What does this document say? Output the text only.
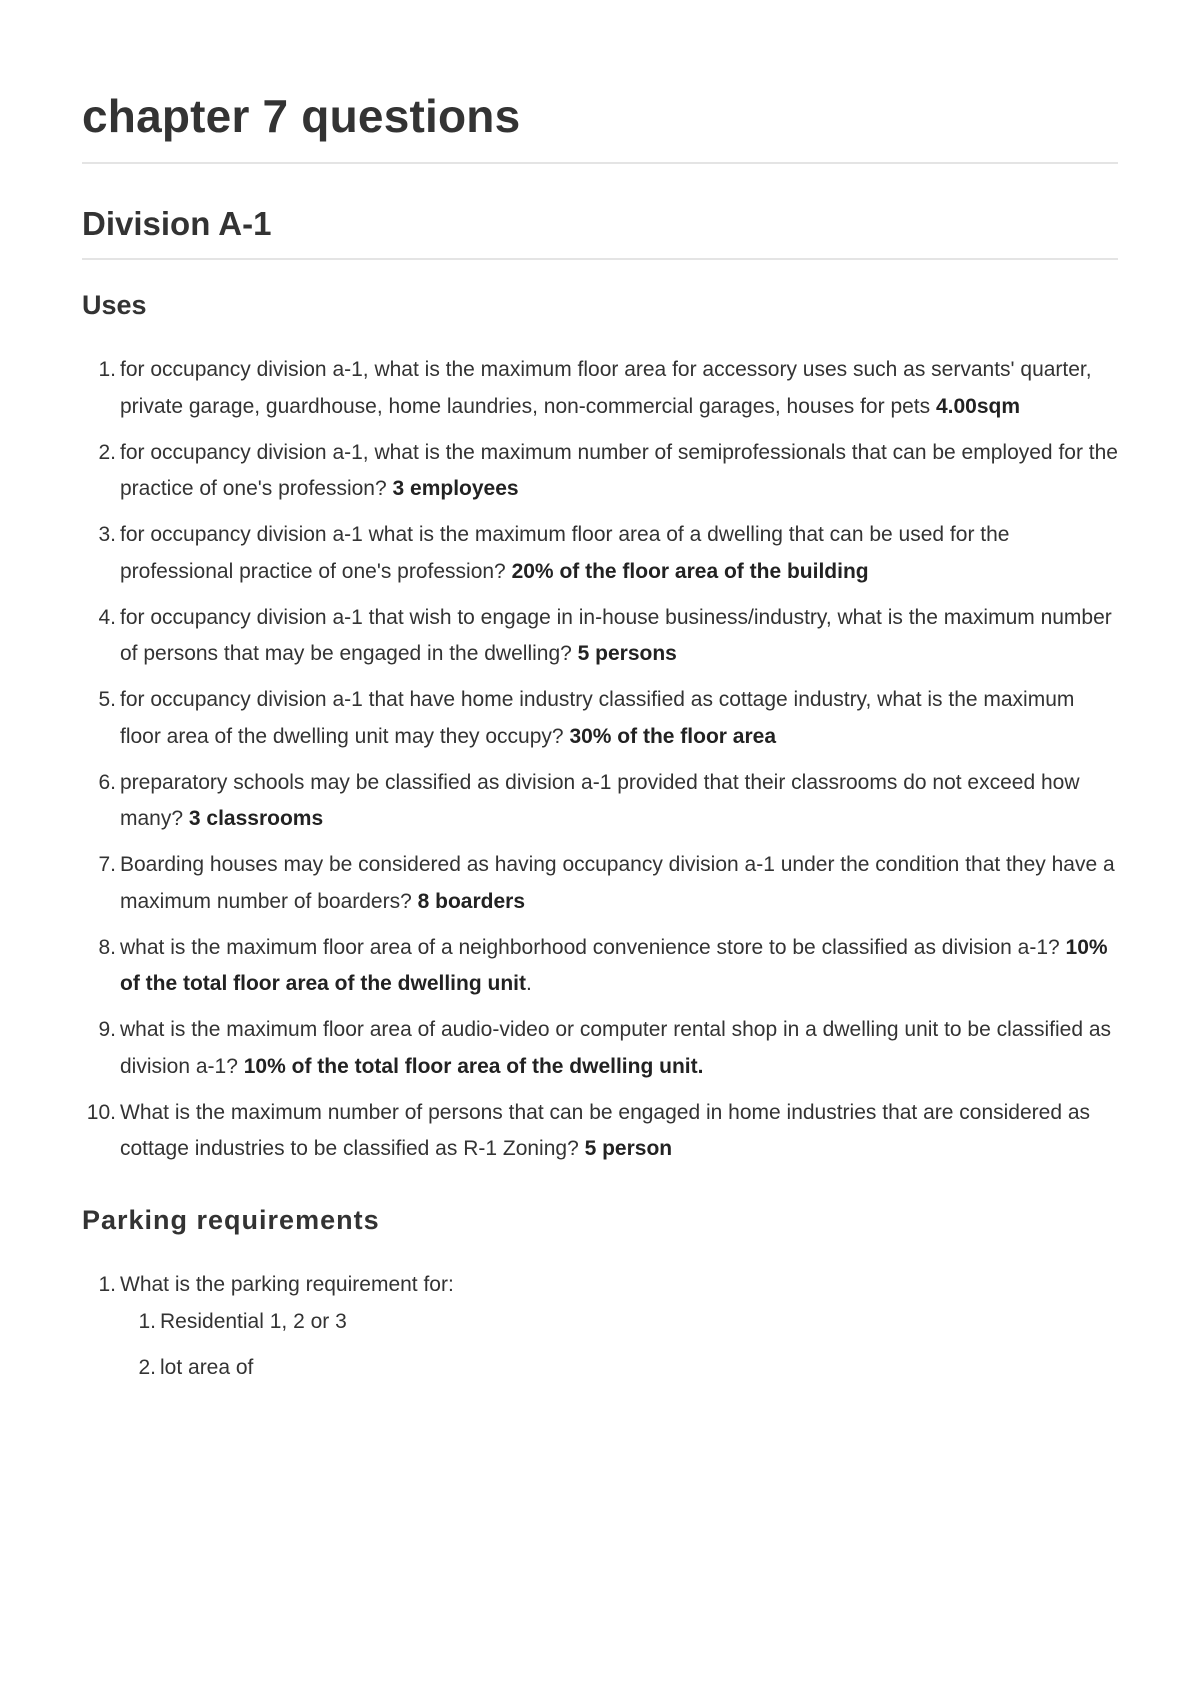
chapter 7 questions
Division A-1
Uses
1. for occupancy division a-1, what is the maximum floor area for accessory uses such as servants' quarter, private garage, guardhouse, home laundries, non-commercial garages, houses for pets 4.00sqm
2. for occupancy division a-1, what is the maximum number of semiprofessionals that can be employed for the practice of one's profession? 3 employees
3. for occupancy division a-1 what is the maximum floor area of a dwelling that can be used for the professional practice of one's profession? 20% of the floor area of the building
4. for occupancy division a-1 that wish to engage in in-house business/industry, what is the maximum number of persons that may be engaged in the dwelling? 5 persons
5. for occupancy division a-1 that have home industry classified as cottage industry, what is the maximum floor area of the dwelling unit may they occupy? 30% of the floor area
6. preparatory schools may be classified as division a-1 provided that their classrooms do not exceed how many? 3 classrooms
7. Boarding houses may be considered as having occupancy division a-1 under the condition that they have a maximum number of boarders? 8 boarders
8. what is the maximum floor area of a neighborhood convenience store to be classified as division a-1? 10% of the total floor area of the dwelling unit.
9. what is the maximum floor area of audio-video or computer rental shop in a dwelling unit to be classified as division a-1? 10% of the total floor area of the dwelling unit.
10. What is the maximum number of persons that can be engaged in home industries that are considered as cottage industries to be classified as R-1 Zoning? 5 person
Parking requirements
1. What is the parking requirement for:
1. Residential 1, 2 or 3
2. lot area of
